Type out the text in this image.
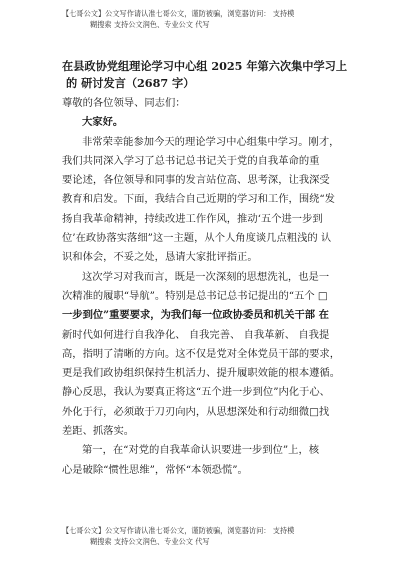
【七哥公文】公文写作请认准七哥公文，谨防被骗，浏览器访问： 支持模
糊搜索 支持公文润色、专业公文 代写
在县政协党组理论学习中心组 2025 年第六次集中学习上
的 研讨发言（2687 字）
尊敬的各位领导、同志们：
大家好。
非常荣幸能参加今天的理论学习中心组集中学习。刚才，
我们共同深入学习了总书记总书记关于党的自我革命的重
要论述，各位领导和同事的发言站位高、思考深，让我深受
教育和启发。下面，我结合自己近期的学习和工作，围绕“发
扬自我革命精神，持续改进工作作风，推动‘五个进一步到
位’在政协落实落细”这一主题，从个人角度谈几点粗浅的 认
识和体会，不妥之处，恳请大家批评指正。
这次学习对我而言，既是一次深刻的思想洗礼，也是一
次精准的履职“导航”。特别是总书记总书记提出的“五个 □
一步到位”重要要求，为我们每一位政协委员和机关干部 在
新时代如何进行自我净化、 自我完善、 自我革新、 自我提
高，指明了清晰的方向。这不仅是党对全体党员干部的要求，
更是我们政协组织保持生机活力、提升履职效能的根本遵循。
静心反思，我认为要真正将这“五个进一步到位”内化于心、
外化于行，必须敢于刀刃向内，从思想深处和行动细微□找
差距、抓落实。
第一，在“对党的自我革命认识要进一步到位”上，核
心是破除“惯性思维”，常怀“本领恐慌”。
【七哥公文】公文写作请认准七哥公文，谨防被骗，浏览器访问： 支持模
糊搜索 支持公文润色、专业公文 代写
